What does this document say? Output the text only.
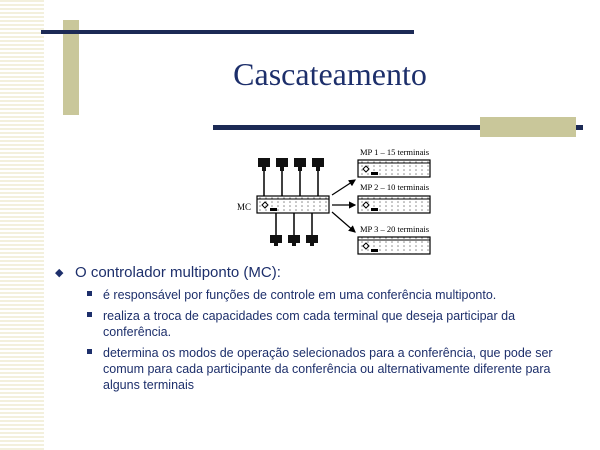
Cascateamento
MC
MP 1 – 15 terminais
MP 2 – 10 terminais
MP 3 – 20 terminais
◆ O controlador multiponto (MC):
é responsável por funções de controle em uma conferência multiponto.
realiza a troca de capacidades com cada terminal que deseja participar da conferência.
determina os modos de operação selecionados para a conferência, que pode ser comum para cada participante da conferência ou alternativamente diferente para alguns terminais
